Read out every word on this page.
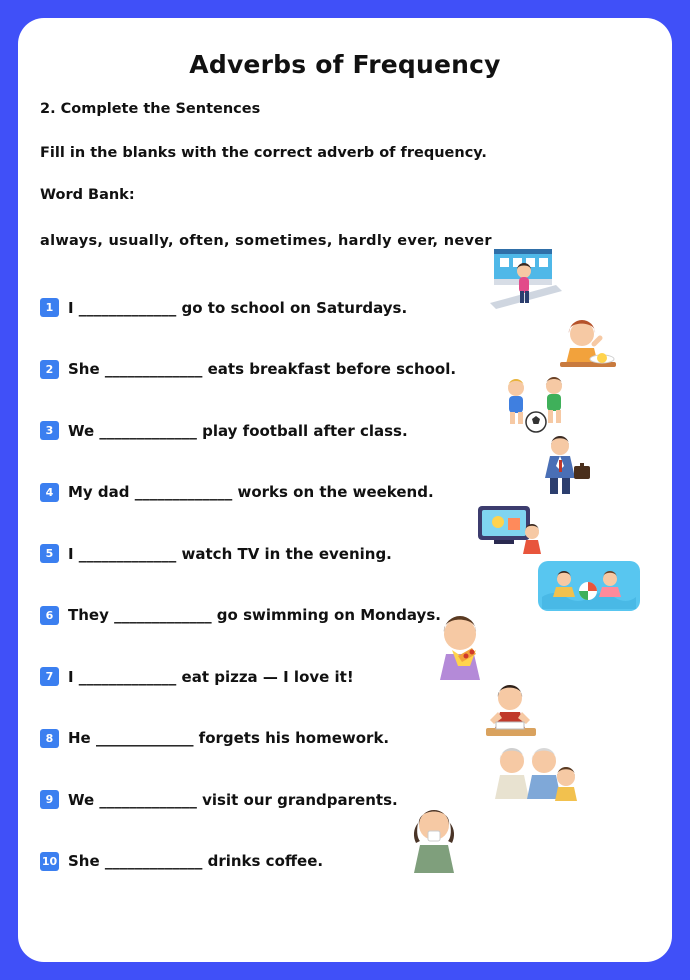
Adverbs of Frequency
2. Complete the Sentences
Fill in the blanks with the correct adverb of frequency.
Word Bank:
always, usually, often, sometimes, hardly ever, never
1 I _____________ go to school on Saturdays.
2 She _____________ eats breakfast before school.
3 We _____________ play football after class.
4 My dad _____________ works on the weekend.
5 I _____________ watch TV in the evening.
6 They _____________ go swimming on Mondays.
7 I _____________ eat pizza — I love it!
8 He _____________ forgets his homework.
9 We _____________ visit our grandparents.
10 She _____________ drinks coffee.
